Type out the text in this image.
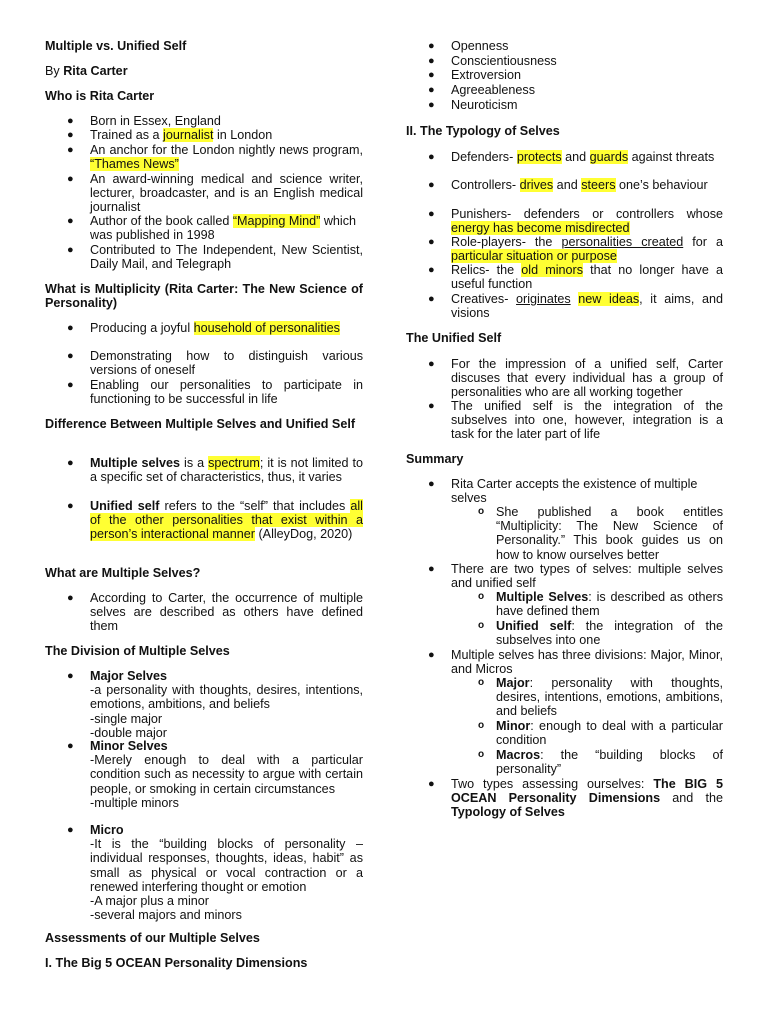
Multiple vs. Unified Self
By Rita Carter
Who is Rita Carter
● Born in Essex, England
● Trained as a journalist in London
● An anchor for the London nightly news program, “Thames News”
● An award-winning medical and science writer, lecturer, broadcaster, and is an English medical journalist
● Author of the book called “Mapping Mind” which was published in 1998
● Contributed to The Independent, New Scientist, Daily Mail, and Telegraph
What is Multiplicity (Rita Carter: The New Science of Personality)
● Producing a joyful household of personalities
● Demonstrating how to distinguish various versions of oneself
● Enabling our personalities to participate in functioning to be successful in life
Difference Between Multiple Selves and Unified Self
● Multiple selves is a spectrum; it is not limited to a specific set of characteristics, thus, it varies
● Unified self refers to the “self” that includes all of the other personalities that exist within a person’s interactional manner (AlleyDog, 2020)
What are Multiple Selves?
● According to Carter, the occurrence of multiple selves are described as others have defined them
The Division of Multiple Selves
● Major Selves
-a personality with thoughts, desires, intentions, emotions, ambitions, and beliefs
-single major
-double major
● Minor Selves
-Merely enough to deal with a particular condition such as necessity to argue with certain people, or smoking in certain circumstances
-multiple minors
● Micro
-It is the “building blocks of personality – individual responses, thoughts, ideas, habit” as small as physical or vocal contraction or a renewed interfering thought or emotion
-A major plus a minor
-several majors and minors
Assessments of our Multiple Selves
I. The Big 5 OCEAN Personality Dimensions
● Openness
● Conscientiousness
● Extroversion
● Agreeableness
● Neuroticism
II. The Typology of Selves
● Defenders- protects and guards against threats
● Controllers- drives and steers one’s behaviour
● Punishers- defenders or controllers whose energy has become misdirected
● Role-players- the personalities created for a particular situation or purpose
● Relics- the old minors that no longer have a useful function
● Creatives- originates new ideas, it aims, and visions
The Unified Self
● For the impression of a unified self, Carter discuses that every individual has a group of personalities who are all working together
● The unified self is the integration of the subselves into one, however, integration is a task for the later part of life
Summary
● Rita Carter accepts the existence of multiple selves
o She published a book entitles “Multiplicity: The New Science of Personality.” This book guides us on how to know ourselves better
● There are two types of selves: multiple selves and unified self
o Multiple Selves: is described as others have defined them
o Unified self: the integration of the subselves into one
● Multiple selves has three divisions: Major, Minor, and Micros
o Major: personality with thoughts, desires, intentions, emotions, ambitions, and beliefs
o Minor: enough to deal with a particular condition
o Macros: the “building blocks of personality”
● Two types assessing ourselves: The BIG 5 OCEAN Personality Dimensions and the Typology of Selves
